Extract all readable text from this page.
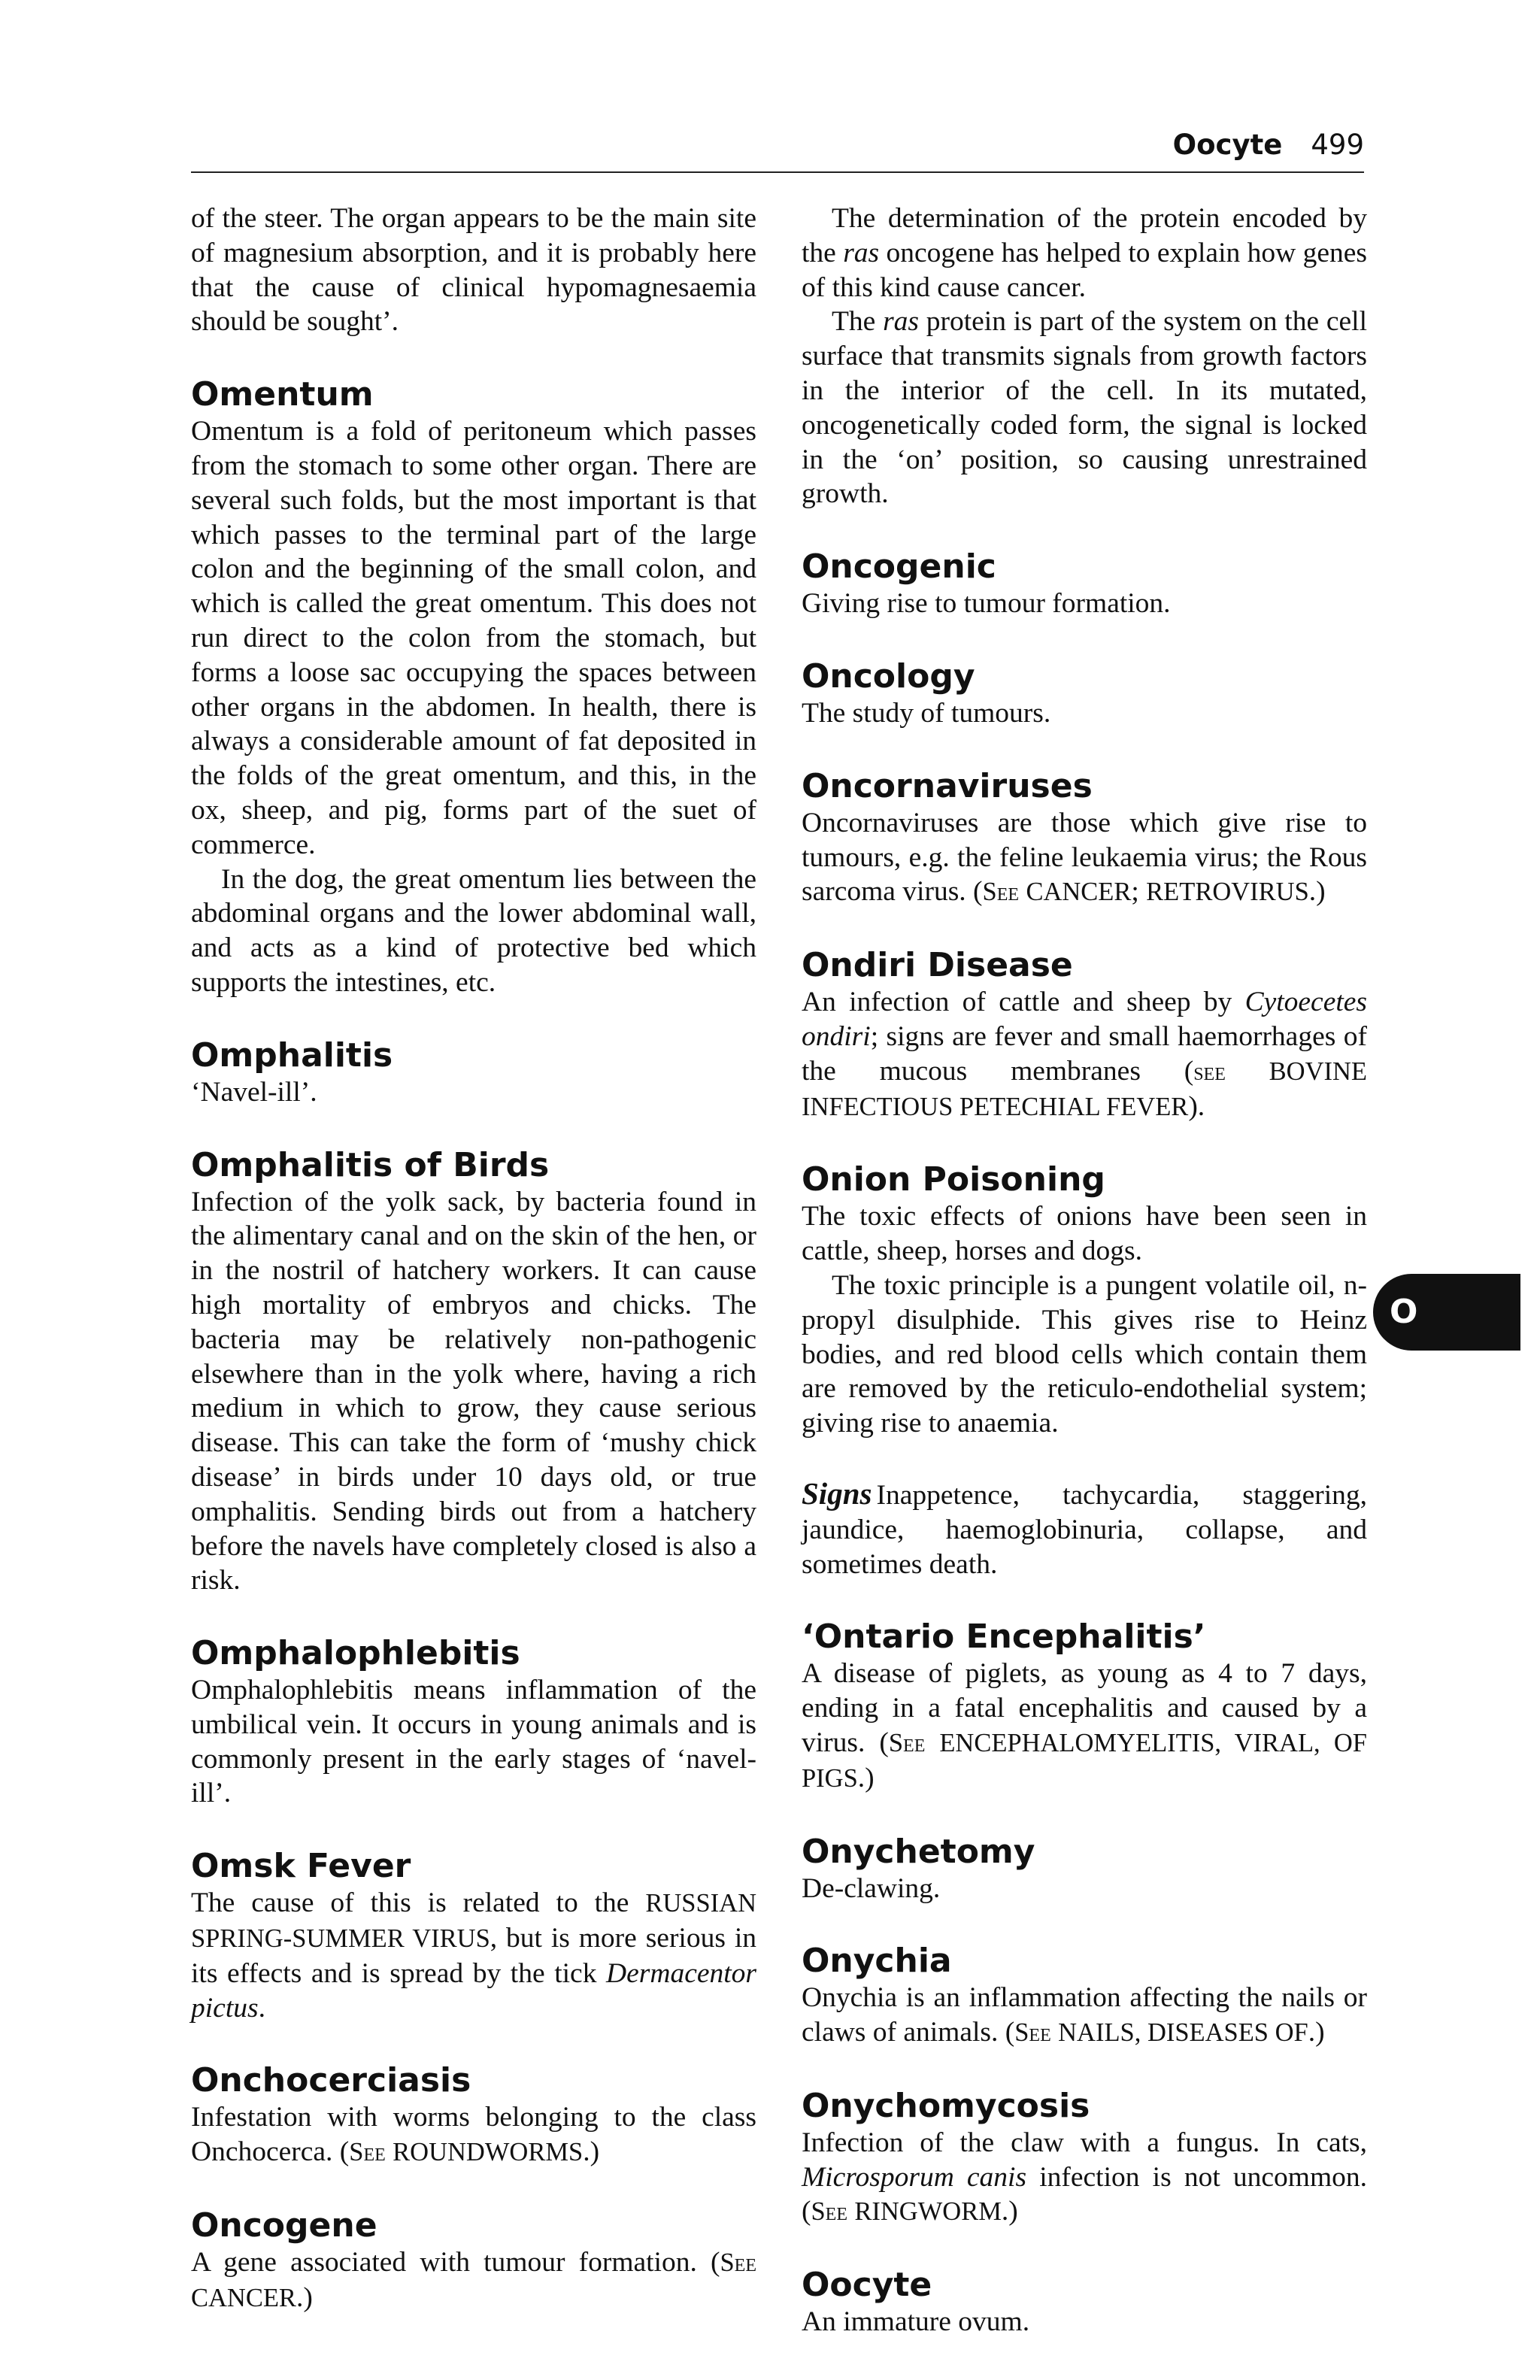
Oocyte 499

of the steer. The organ appears to be the main site of magnesium absorption, and it is probably here that the cause of clinical hypomagnesaemia should be sought’.

Omentum

Omentum is a fold of peritoneum which passes from the stomach to some other organ. There are several such folds, but the most important is that which passes to the terminal part of the large colon and the beginning of the small colon, and which is called the great omentum. This does not run direct to the colon from the stomach, but forms a loose sac occupying the spaces between other organs in the abdomen. In health, there is always a considerable amount of fat deposited in the folds of the great omentum, and this, in the ox, sheep, and pig, forms part of the suet of commerce.

In the dog, the great omentum lies between the abdominal organs and the lower abdominal wall, and acts as a kind of protective bed which supports the intestines, etc.

Omphalitis

‘Navel-ill’.

Omphalitis of Birds

Infection of the yolk sack, by bacteria found in the alimentary canal and on the skin of the hen, or in the nostril of hatchery workers. It can cause high mortality of embryos and chicks. The bacteria may be relatively non-pathogenic elsewhere than in the yolk where, having a rich medium in which to grow, they cause serious disease. This can take the form of ‘mushy chick disease’ in birds under 10 days old, or true omphalitis. Sending birds out from a hatchery before the navels have completely closed is also a risk.

Omphalophlebitis

Omphalophlebitis means inflammation of the umbilical vein. It occurs in young animals and is commonly present in the early stages of ‘navel-ill’.

Omsk Fever

The cause of this is related to the RUSSIAN SPRING-SUMMER VIRUS, but is more serious in its effects and is spread by the tick Dermacentor pictus.

Onchocerciasis

Infestation with worms belonging to the class Onchocerca. (See ROUNDWORMS.)

Oncogene

A gene associated with tumour formation. (See CANCER.)

The determination of the protein encoded by the ras oncogene has helped to explain how genes of this kind cause cancer.

The ras protein is part of the system on the cell surface that transmits signals from growth factors in the interior of the cell. In its mutated, oncogenetically coded form, the signal is locked in the ‘on’ position, so causing unrestrained growth.

Oncogenic

Giving rise to tumour formation.

Oncology

The study of tumours.

Oncornaviruses

Oncornaviruses are those which give rise to tumours, e.g. the feline leukaemia virus; the Rous sarcoma virus. (See CANCER; RETROVIRUS.)

Ondiri Disease

An infection of cattle and sheep by Cytoecetes ondiri; signs are fever and small haemorrhages of the mucous membranes (see BOVINE INFECTIOUS PETECHIAL FEVER).

Onion Poisoning

The toxic effects of onions have been seen in cattle, sheep, horses and dogs.

The toxic principle is a pungent volatile oil, n-propyl disulphide. This gives rise to Heinz bodies, and red blood cells which contain them are removed by the reticulo-endothelial system; giving rise to anaemia.

Signs Inappetence, tachycardia, staggering, jaundice, haemoglobinuria, collapse, and sometimes death.

‘Ontario Encephalitis’

A disease of piglets, as young as 4 to 7 days, ending in a fatal encephalitis and caused by a virus. (See ENCEPHALOMYELITIS, VIRAL, OF PIGS.)

Onychetomy

De-clawing.

Onychia

Onychia is an inflammation affecting the nails or claws of animals. (See NAILS, DISEASES OF.)

Onychomycosis

Infection of the claw with a fungus. In cats, Microsporum canis infection is not uncommon. (See RINGWORM.)

Oocyte

An immature ovum.

O
